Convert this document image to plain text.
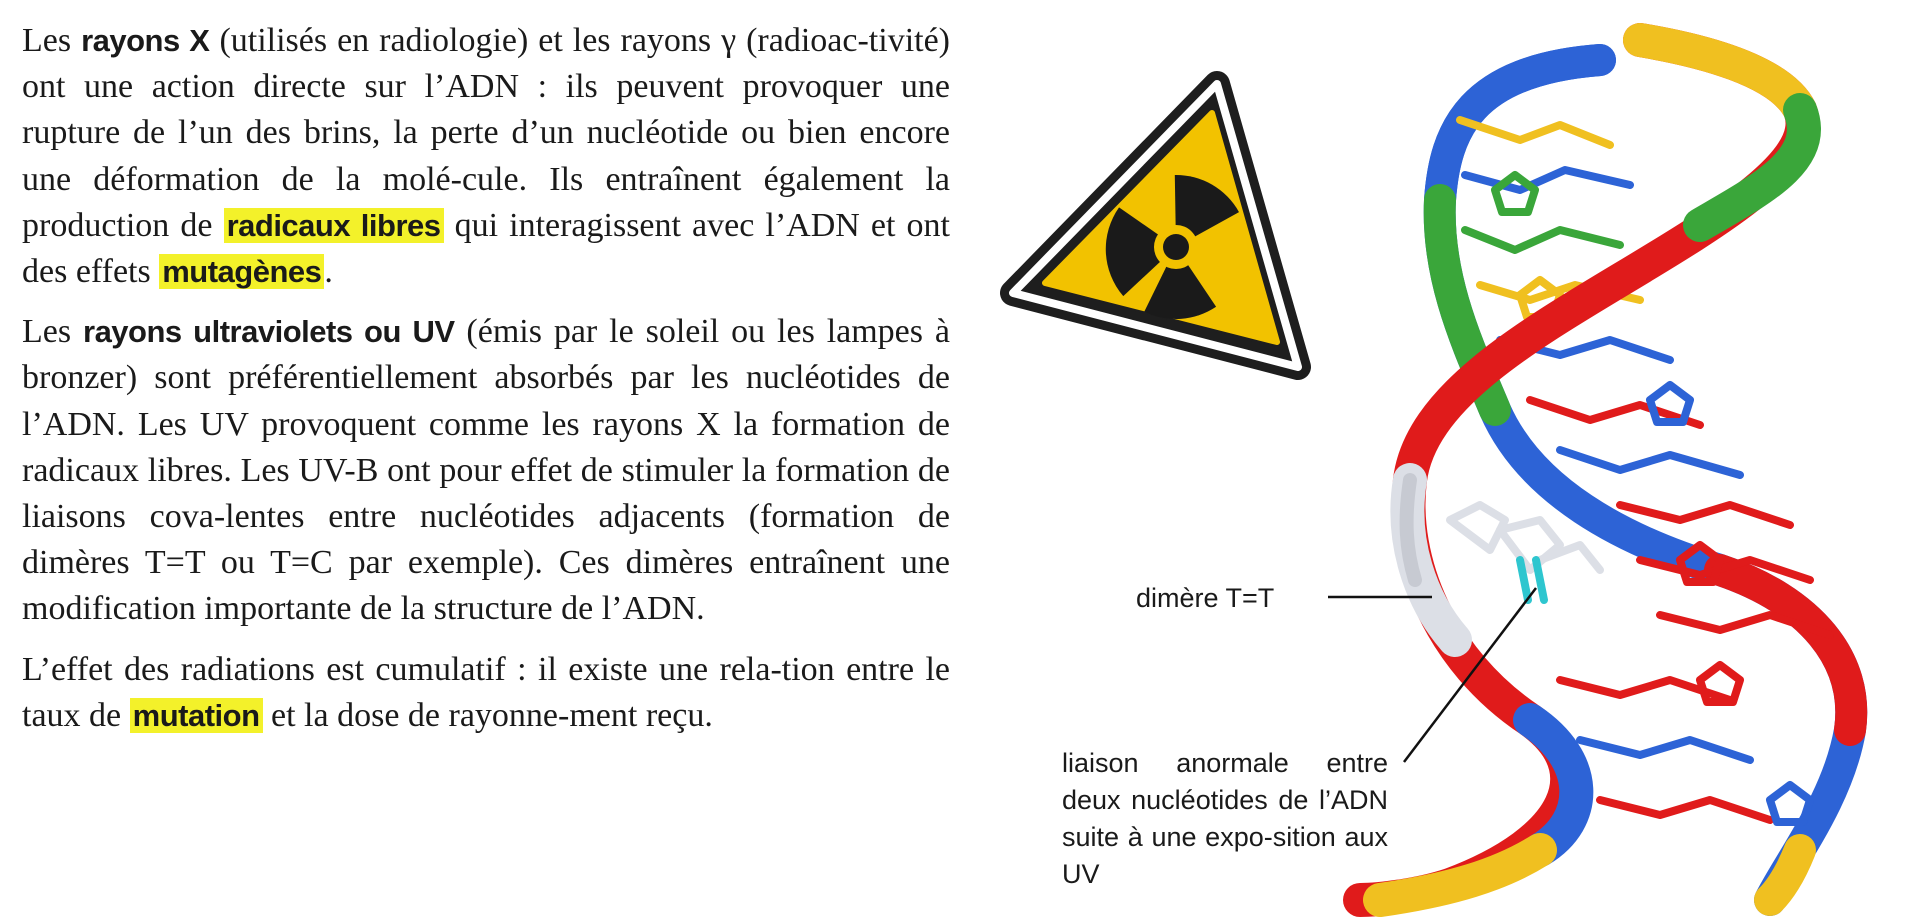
Les rayons X (utilisés en radiologie) et les rayons γ (radioac-tivité) ont une action directe sur l’ADN : ils peuvent provoquer une rupture de l’un des brins, la perte d’un nucléotide ou bien encore une déformation de la molé-cule. Ils entraînent également la production de radicaux libres qui interagissent avec l’ADN et ont des effets mutagènes.

Les rayons ultraviolets ou UV (émis par le soleil ou les lampes à bronzer) sont préférentiellement absorbés par les nucléotides de l’ADN. Les UV provoquent comme les rayons X la formation de radicaux libres. Les UV-B ont pour effet de stimuler la formation de liaisons cova-lentes entre nucléotides adjacents (formation de dimères T=T ou T=C par exemple). Ces dimères entraînent une modification importante de la structure de l’ADN.

L’effet des radiations est cumulatif : il existe une rela-tion entre le taux de mutation et la dose de rayonne-ment reçu.

dimère T=T
liaison anormale entre deux nucléotides de l’ADN suite à une expo-sition aux UV
